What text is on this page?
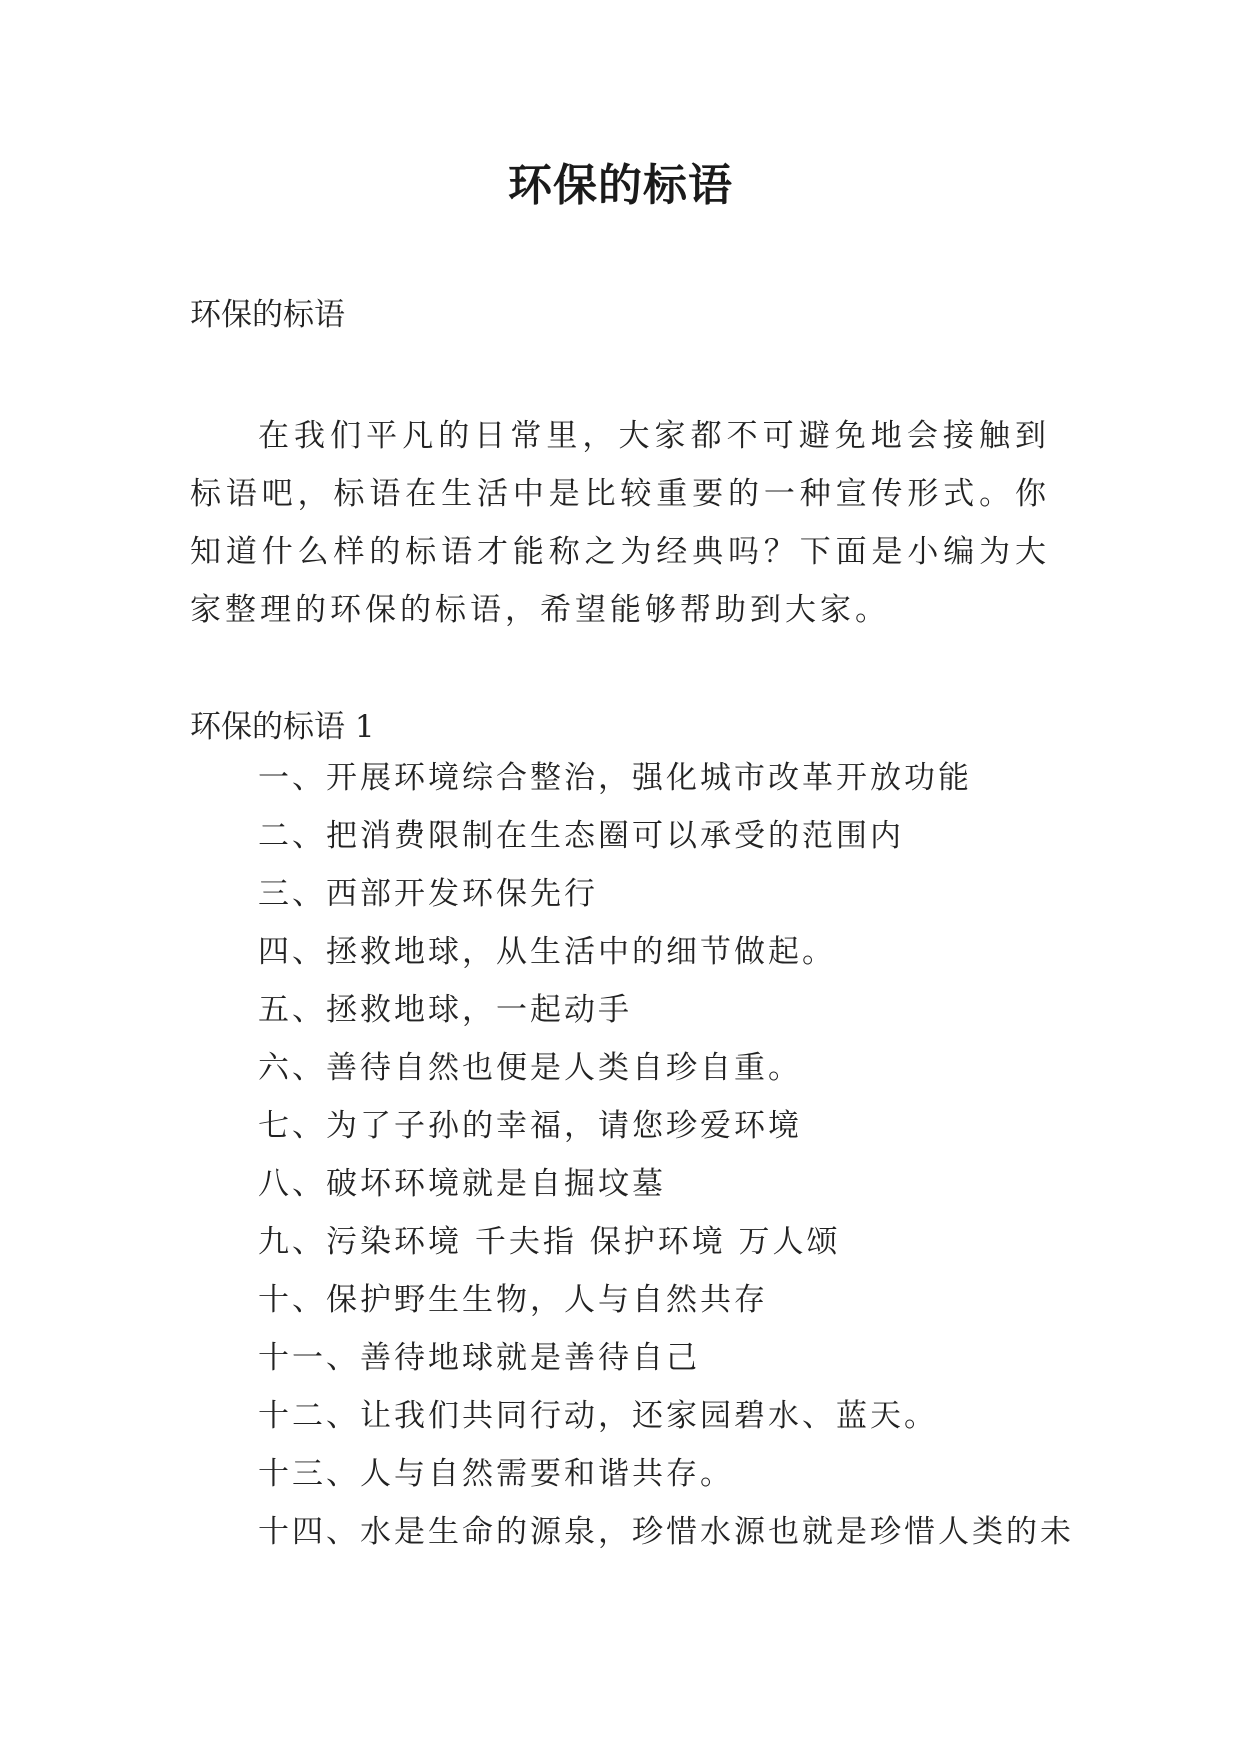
环保的标语
环保的标语

在我们平凡的日常里，大家都不可避免地会接触到标语吧，标语在生活中是比较重要的一种宣传形式。你知道什么样的标语才能称之为经典吗？下面是小编为大家整理的环保的标语，希望能够帮助到大家。

环保的标语 1
一、开展环境综合整治，强化城市改革开放功能
二、把消费限制在生态圈可以承受的范围内
三、西部开发环保先行
四、拯救地球，从生活中的细节做起。
五、拯救地球，一起动手
六、善待自然也便是人类自珍自重。
七、为了子孙的幸福，请您珍爱环境
八、破坏环境就是自掘坟墓
九、污染环境 千夫指 保护环境 万人颂
十、保护野生生物，人与自然共存
十一、善待地球就是善待自己
十二、让我们共同行动，还家园碧水、蓝天。
十三、人与自然需要和谐共存。
十四、水是生命的源泉，珍惜水源也就是珍惜人类的未
